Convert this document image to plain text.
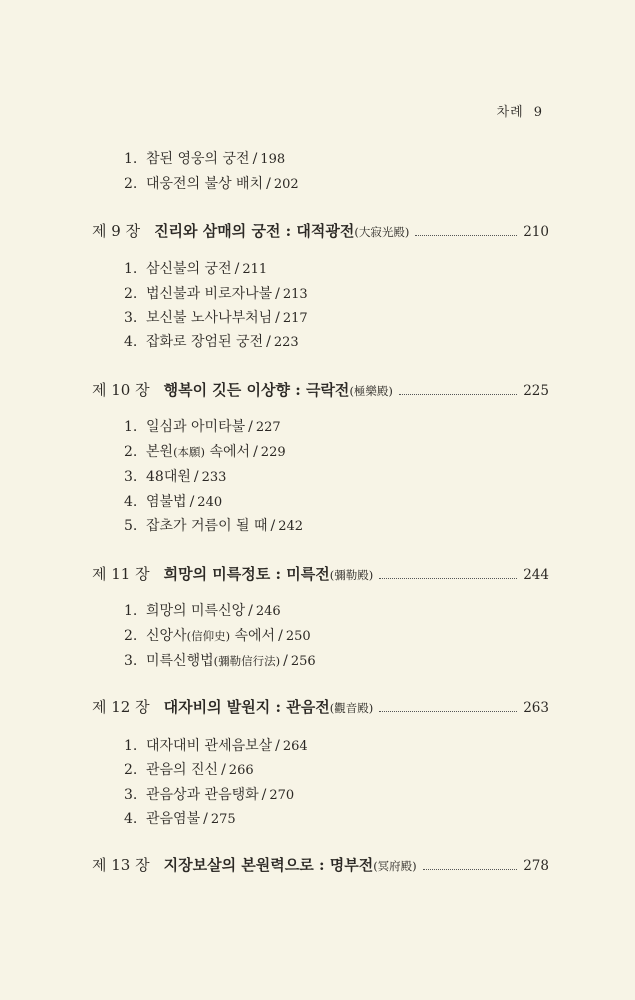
차례 9
1. 참된 영웅의 궁전 / 198
2. 대웅전의 불상 배치 / 202
제 9 장 진리와 삼매의 궁전 : 대적광전 (大寂光殿)	210
1. 삼신불의 궁전 / 211
2. 법신불과 비로자나불 / 213
3. 보신불 노사나부처님 / 217
4. 잡화로 장엄된 궁전 / 223
제 10 장 행복이 깃든 이상향 : 극락전 (極樂殿)	225
1. 일심과 아미타불 / 227
2. 본원(本願) 속에서 / 229
3. 48대원 / 233
4. 염불법 / 240
5. 잡초가 거름이 될 때 / 242
제 11 장 희망의 미륵정토 : 미륵전 (彌勒殿)	244
1. 희망의 미륵신앙 / 246
2. 신앙사(信仰史) 속에서 / 250
3. 미륵신행법(彌勒信行法) / 256
제 12 장 대자비의 발원지 : 관음전 (觀音殿)	263
1. 대자대비 관세음보살 / 264
2. 관음의 진신 / 266
3. 관음상과 관음탱화 / 270
4. 관음염불 / 275
제 13 장 지장보살의 본원력으로 : 명부전 (冥府殿)	278
